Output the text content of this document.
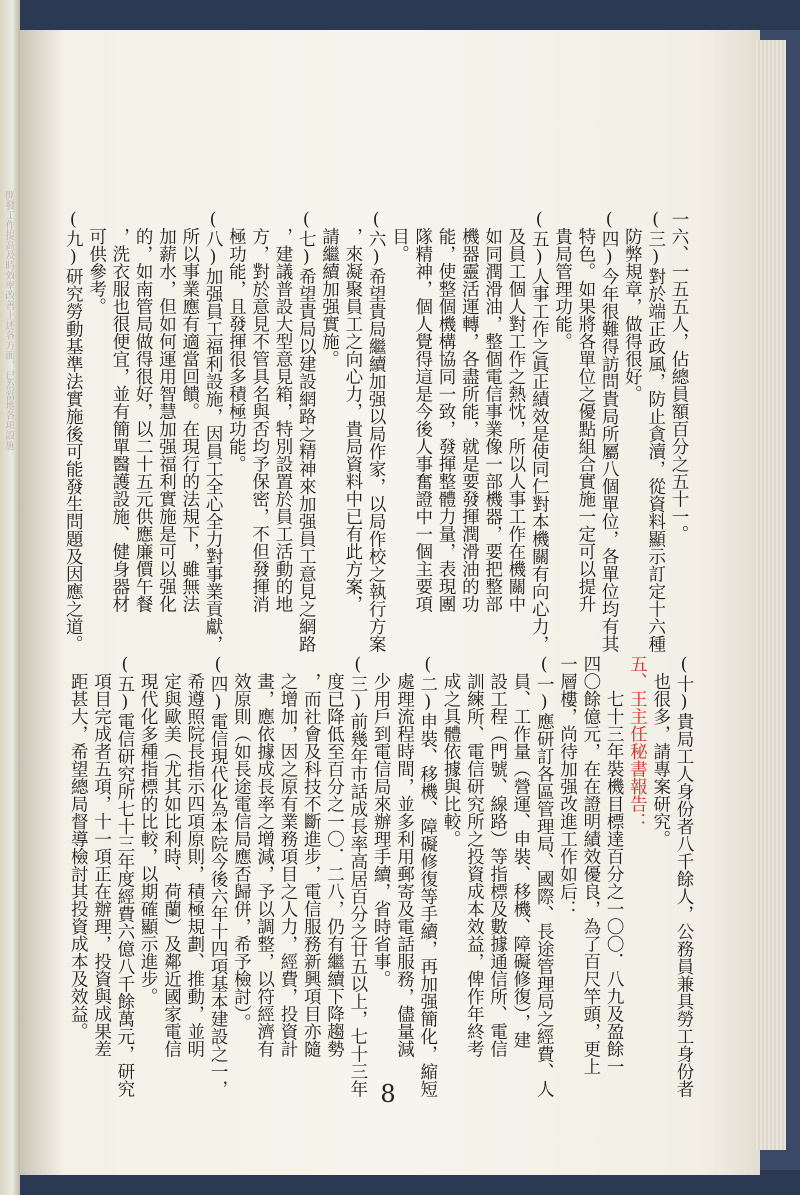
開發工作提高及時效率改善上述各方面，已為當地各項設施	一六、一五五人，佔總員額百分之五十一。
(三)對於端正政風，防止貪瀆，從資料顯示訂定十六種
　防弊規章，做得很好。
(四)今年很難得訪問貴局所屬八個單位，各單位均有其
　特色。如果將各單位之優點組合實施一定可以提升
　貴局管理功能。
(五)人事工作之眞正績效是使同仁對本機關有向心力，
　及員工個人對工作之熱忱，所以人事工作在機關中
　如同潤滑油，整個電信事業像一部機器，要把整部
　機器靈活運轉，各盡所能，就是要發揮潤滑油的功
　能，使整個機構協同一致，發揮整體力量，表現團
　隊精神，個人覺得這是今後人事奮證中一個主要項
　目。
(六)希望貴局繼續加强以局作家，以局作校之執行方案
　，來凝聚員工之向心力，貴局資料中已有此方案，
　請繼續加强實施。
(七)希望貴局以建設網路之精神來加强員工意見之網路
　，建議普設大型意見箱，特別設置於員工活動的地
　方，對於意見不管具名與否均予保密，不但發揮消
　極功能，且發揮很多積極功能。
(八)加强員工福利設施，因員工全心全力對事業貢獻，
　所以事業應有適當回饋。在現行的法規下，雖無法
　加薪水，但如何運用智慧加强福利實施是可以强化
　的，如南管局做得很好，以二十五元供應廉價午餐
　，洗衣服也很便宜，並有簡單醫護設施、健身器材
　可供參考。
(九)研究勞動基準法實施後可能發生問題及因應之道。
(十)貴局工人身份者八千餘人，公務員兼具勞工身份者
　也很多，請專案研究。
五、王主任秘書報告：
　　七十三年裝機目標達百分之一〇〇．八九及盈餘一
四〇餘億元，在在證明績效優良，為了百尺竿頭，更上
一層樓，尚待加强改進工作如后：
(一)應研訂各區管理局、國際、長途管理局之經費、人
　員、工作量（營運、申裝、移機、障礙修復），建
　設工程（門號、線路）等指標及數據通信所、電信
　訓練所、電信研究所之投資成本效益，俾作年終考
　成之具體依據與比較。
(二)申裝、移機、障礙修復等手續，再加强簡化，縮短
　處理流程時間，並多利用郵寄及電話服務，儘量減
　少用戶到電信局來辦理手續，省時省事。
(三)前幾年市話成長率高居百分之廿五以上，七十三年
　度已降低至百分之一〇．二八，仍有繼續下降趨勢
　，而社會及科技不斷進步，電信服務新興項目亦隨
　之增加，因之原有業務項目之人力，經費，投資計
　畫，應依據成長率之增減，予以調整，以符經濟有
　效原則（如長途電信局應否歸併，希予檢討）。
(四)電信現代化為本院今後六年十四項基本建設之一，
　希遵照院長指示四項原則，積極規劃、推動，並明
　定與歐美（尤其如比利時、荷蘭）及鄰近國家電信
　現代化多種指標的比較，以期確顯示進步。
(五)電信研究所七十三年度經費六億八千餘萬元，研究
　項目完成者五項，十一項正在辦理，投資與成果差
　距甚大，希望總局督導檢討其投資成本及效益。
8
